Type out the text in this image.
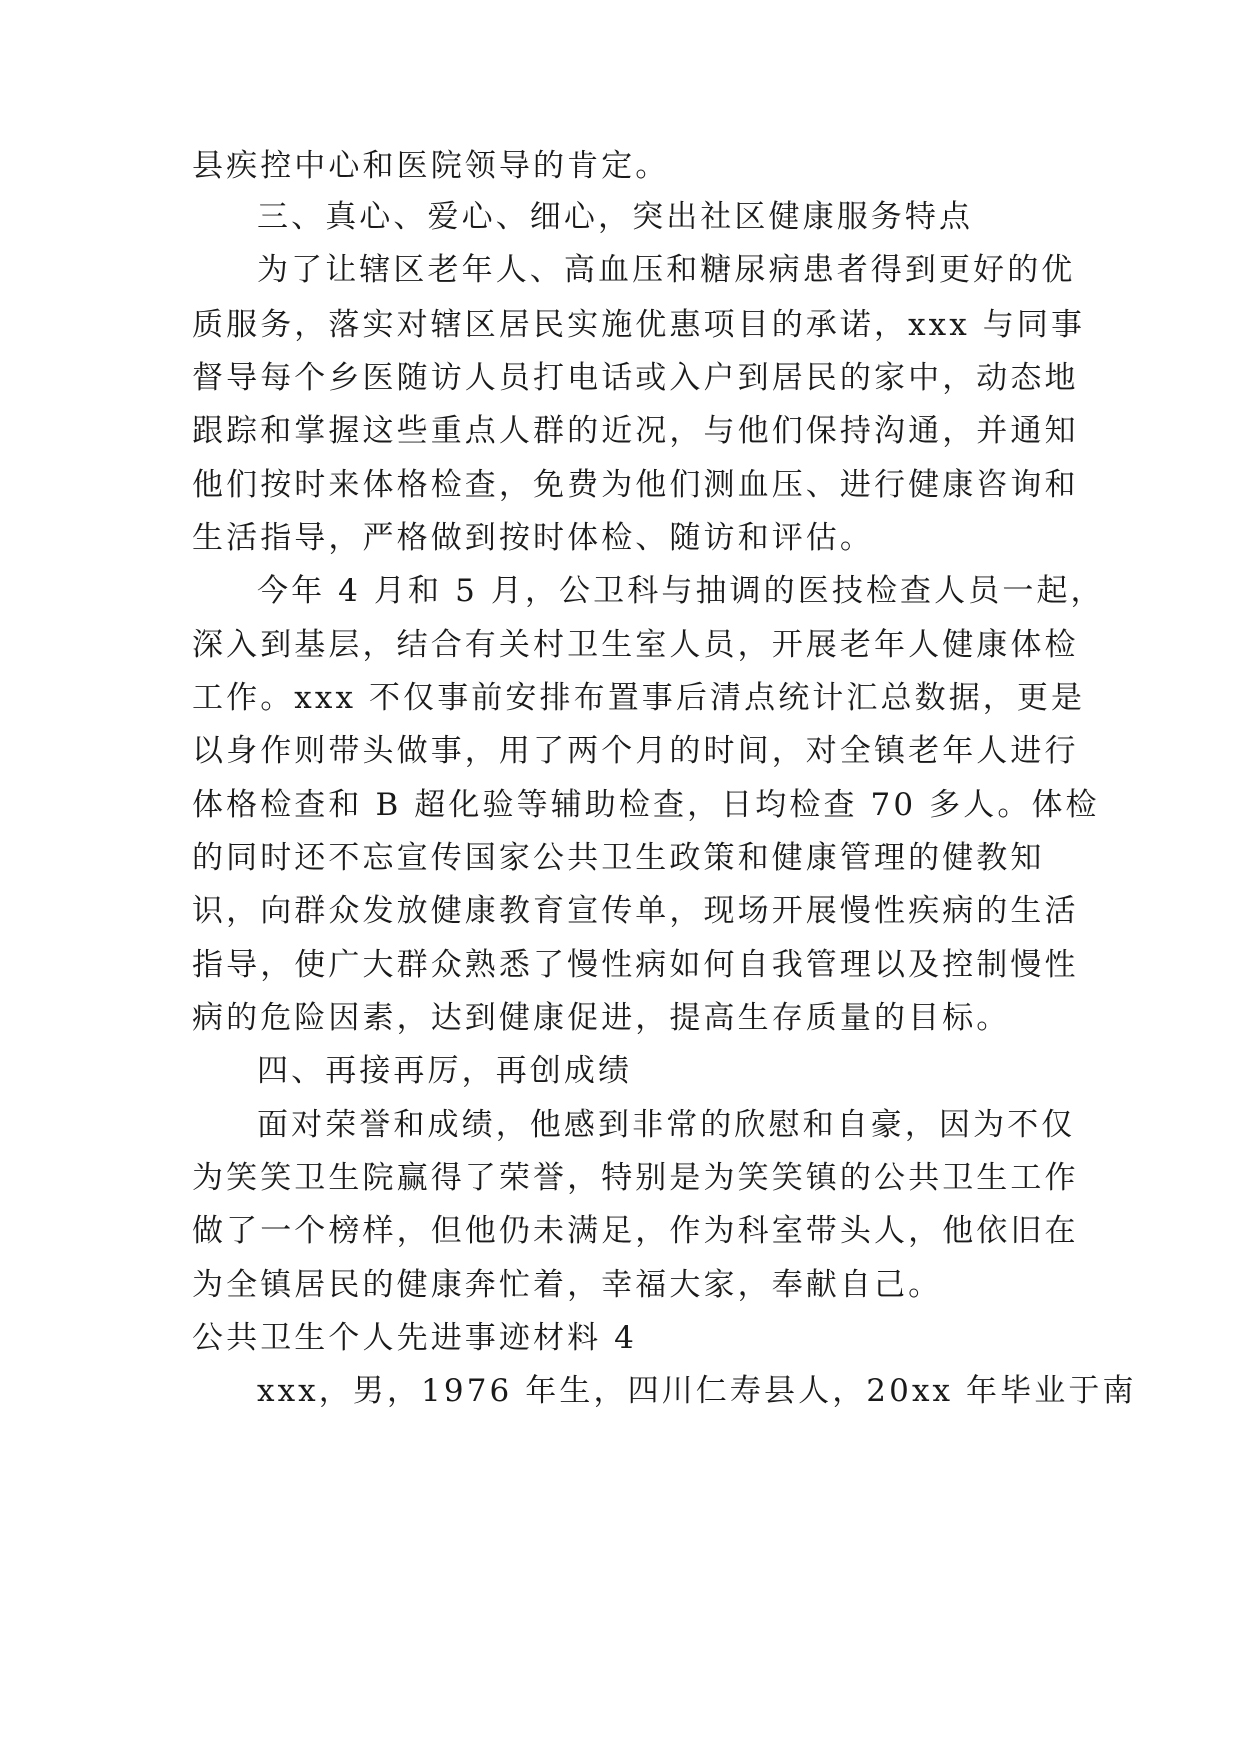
县疾控中心和医院领导的肯定。
三、真心、爱心、细心，突出社区健康服务特点
为了让辖区老年人、高血压和糖尿病患者得到更好的优
质服务，落实对辖区居民实施优惠项目的承诺，xxx 与同事
督导每个乡医随访人员打电话或入户到居民的家中，动态地
跟踪和掌握这些重点人群的近况，与他们保持沟通，并通知
他们按时来体格检查，免费为他们测血压、进行健康咨询和
生活指导，严格做到按时体检、随访和评估。
今年 4 月和 5 月，公卫科与抽调的医技检查人员一起，
深入到基层，结合有关村卫生室人员，开展老年人健康体检
工作。xxx 不仅事前安排布置事后清点统计汇总数据，更是
以身作则带头做事，用了两个月的时间，对全镇老年人进行
体格检查和 B 超化验等辅助检查，日均检查 70 多人。体检
的同时还不忘宣传国家公共卫生政策和健康管理的健教知
识，向群众发放健康教育宣传单，现场开展慢性疾病的生活
指导，使广大群众熟悉了慢性病如何自我管理以及控制慢性
病的危险因素，达到健康促进，提高生存质量的目标。
四、再接再厉，再创成绩
面对荣誉和成绩，他感到非常的欣慰和自豪，因为不仅
为笑笑卫生院赢得了荣誉，特别是为笑笑镇的公共卫生工作
做了一个榜样，但他仍未满足，作为科室带头人，他依旧在
为全镇居民的健康奔忙着，幸福大家，奉献自己。
公共卫生个人先进事迹材料 4
xxx，男，1976 年生，四川仁寿县人，20xx 年毕业于南
